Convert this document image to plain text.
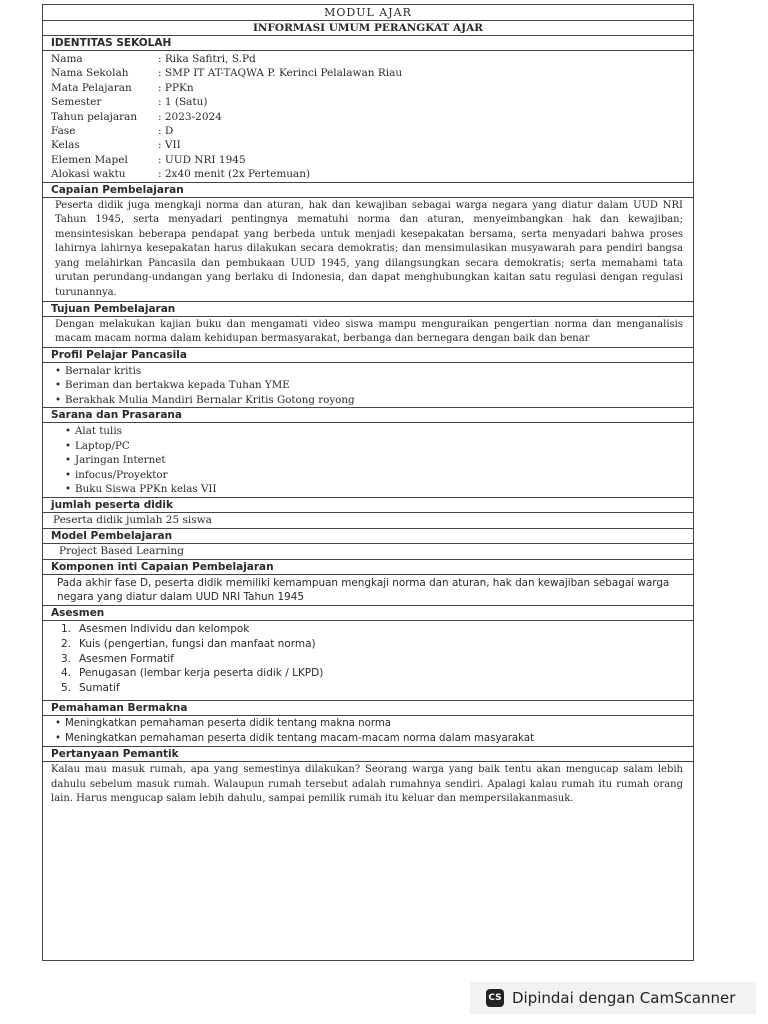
MODUL AJAR
INFORMASI UMUM PERANGKAT AJAR
IDENTITAS SEKOLAH
Nama	: Rika Safitri, S.Pd
Nama Sekolah	: SMP IT AT-TAQWA P. Kerinci Pelalawan Riau
Mata Pelajaran	: PPKn
Semester	: 1 (Satu)
Tahun pelajaran	: 2023-2024
Fase	: D
Kelas	: VII
Elemen Mapel	: UUD NRI 1945
Alokasi waktu	: 2x40 menit (2x Pertemuan)
Capaian Pembelajaran
Peserta didik juga mengkaji norma dan aturan, hak dan kewajiban sebagai warga negara yang diatur dalam UUD NRI Tahun 1945, serta menyadari pentingnya mematuhi norma dan aturan, menyeimbangkan hak dan kewajiban; mensintesiskan beberapa pendapat yang berbeda untuk menjadi kesepakatan bersama, serta menyadari bahwa proses lahirnya lahirnya kesepakatan harus dilakukan secara demokratis; dan mensimulasikan musyawarah para pendiri bangsa yang melahirkan Pancasila dan pembukaan UUD 1945, yang dilangsungkan secara demokratis; serta memahami tata urutan perundang-undangan yang berlaku di Indonesia, dan dapat menghubungkan kaitan satu regulasi dengan regulasi turunannya.
Tujuan Pembelajaran
Dengan melakukan kajian buku dan mengamati video siswa mampu menguraikan pengertian norma dan menganalisis macam macam norma dalam kehidupan bermasyarakat, berbanga dan bernegara dengan baik dan benar
Profil Pelajar Pancasila
• Bernalar kritis
• Beriman dan bertakwa kepada Tuhan YME
• Berakhak Mulia Mandiri Bernalar Kritis Gotong royong
Sarana dan Prasarana
• Alat tulis
• Laptop/PC
• Jaringan Internet
• infocus/Proyektor
• Buku Siswa PPKn kelas VII
jumlah peserta didik
Peserta didik jumlah 25 siswa
Model Pembelajaran
Project Based Learning
Komponen inti Capaian Pembelajaran
Pada akhir fase D, peserta didik memiliki kemampuan mengkaji norma dan aturan, hak dan kewajiban sebagai warga negara yang diatur dalam UUD NRI Tahun 1945
Asesmen
1. Asesmen Individu dan kelompok
2. Kuis (pengertian, fungsi dan manfaat norma)
3. Asesmen Formatif
4. Penugasan (lembar kerja peserta didik / LKPD)
5. Sumatif
Pemahaman Bermakna
• Meningkatkan pemahaman peserta didik tentang makna norma
• Meningkatkan pemahaman peserta didik tentang macam-macam norma dalam masyarakat
Pertanyaan Pemantik
Kalau mau masuk rumah, apa yang semestinya dilakukan? Seorang warga yang baik tentu akan mengucap salam lebih dahulu sebelum masuk rumah. Walaupun rumah tersebut adalah rumahnya sendiri. Apalagi kalau rumah itu rumah orang lain. Harus mengucap salam lebih dahulu, sampai pemilik rumah itu keluar dan mempersilakanmasuk.
CS Dipindai dengan CamScanner
